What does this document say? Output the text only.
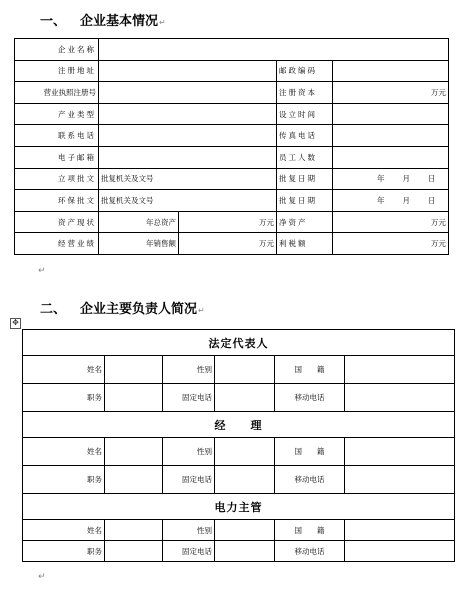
一、 企业基本情况↵
企业名称				
注册地址			邮政编码	
营业执照注册号			注册资本	万元
产业类型			设立时间	
联系电话			传真电话	
电子邮箱			员工人数	
立项批文	批复机关及文号		批复日期	年 月 日
环保批文	批复机关及文号		批复日期	年 月 日
资产现状	年总资产	万元	净资产	万元
经营业绩	年销售额	万元	利税额	万元
↵
二、 企业主要负责人简况↵
✥
法定代表人					
姓名		性别		国　　籍	
职务		固定电话		移动电话	
经　　理					
姓名		性别		国　　籍	
职务		固定电话		移动电话	
电力主管					
姓名		性别		国　　籍	
职务		固定电话		移动电话	
↵
